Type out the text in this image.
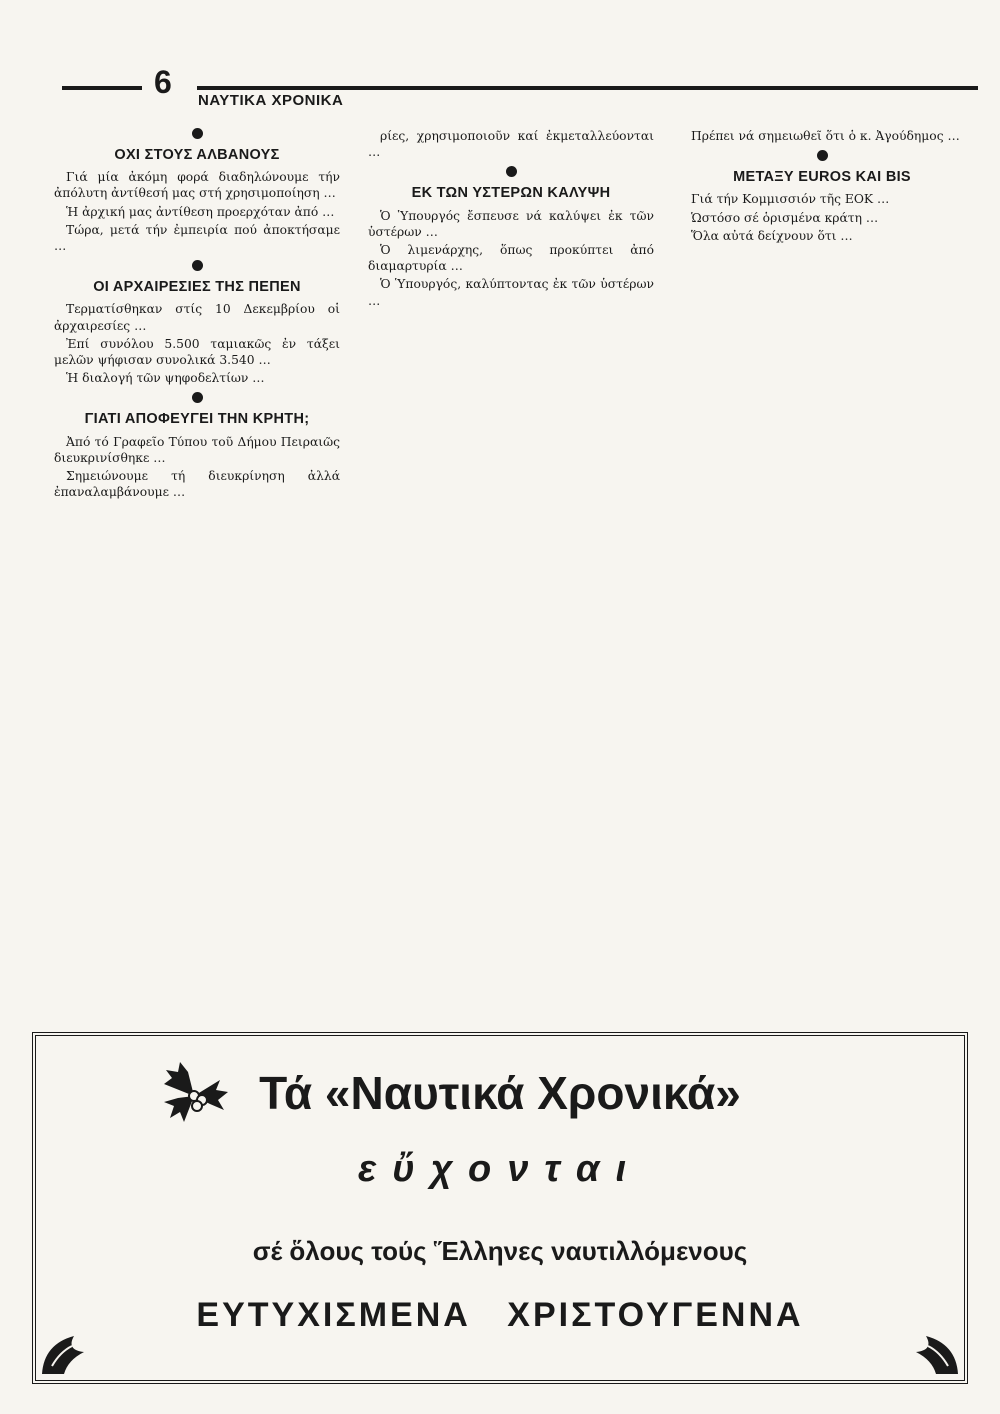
6
ΝΑΥΤΙΚΑ ΧΡΟΝΙΚΑ
ΟΧΙ ΣΤΟΥΣ ΑΛΒΑΝΟΥΣ

Γιά μία ἀκόμη φορά διαδηλώνουμε τήν ἀπόλυτη ἀντίθεσή μας στή χρησιμοποίηση …

Ἡ ἀρχική μας ἀντίθεση προερχόταν ἀπό …

Τώρα, μετά τήν ἐμπειρία πού ἀποκτήσαμε …

ΟΙ ΑΡΧΑΙΡΕΣΙΕΣ ΤΗΣ ΠΕΠΕΝ

Τερματίσθηκαν στίς 10 Δεκεμβρίου οἱ ἀρχαιρεσίες …

Ἐπί συνόλου 5.500 ταμιακῶς ἐν τάξει μελῶν ψήφισαν συνολικά 3.540 …

Ἡ διαλογή τῶν ψηφοδελτίων …

ΓΙΑΤΙ ΑΠΟΦΕΥΓΕΙ ΤΗΝ ΚΡΗΤΗ;

Ἀπό τό Γραφεῖο Τύπου τοῦ Δήμου Πειραιῶς διευκρινίσθηκε …

Σημειώνουμε τή διευκρίνηση ἀλλά ἐπαναλαμβάνουμε …

ρίες, χρησιμοποιοῦν καί ἐκμεταλλεύονται …

ΕΚ ΤΩΝ ΥΣΤΕΡΩΝ ΚΑΛΥΨΗ

Ὁ Ὑπουργός ἔσπευσε νά καλύψει ἐκ τῶν ὑστέρων …

Ὁ λιμενάρχης, ὅπως προκύπτει ἀπό διαμαρτυρία …

Ὁ Ὑπουργός, καλύπτοντας ἐκ τῶν ὑστέρων …

Πρέπει νά σημειωθεῖ ὅτι ὁ κ. Ἀγούδημος …

ΜΕΤΑΞΥ EUROS ΚΑΙ BIS

Γιά τήν Κομμισσιόν τῆς ΕΟΚ …

Ὡστόσο σέ ὁρισμένα κράτη …

Ὅλα αὐτά δείχνουν ὅτι …

Τά «Ναυτικά Χρονικά»
εὔχονται
σέ ὅλους τούς Ἕλληνες ναυτιλλόμενους
ΕΥΤΥΧΙΣΜΕΝΑ ΧΡΙΣΤΟΥΓΕΝΝΑ
